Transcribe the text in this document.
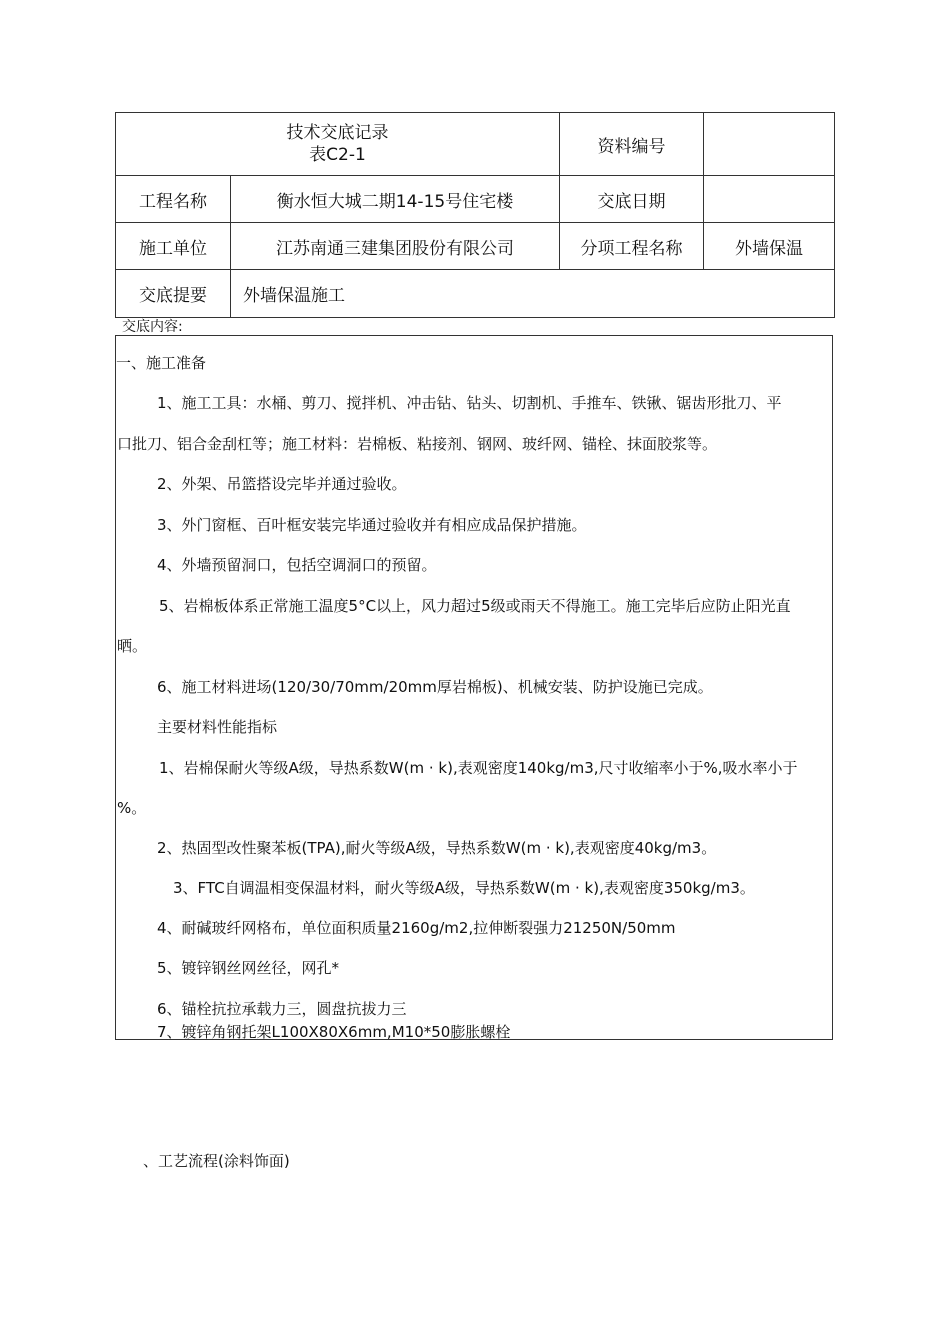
技术交底记录
表C2-1		资料编号	
工程名称	衡水恒大城二期14-15号住宅楼	交底日期	
施工单位	江苏南通三建集团股份有限公司	分项工程名称	外墙保温
交底提要	外墙保温施工		
交底内容:
一、施工准备
1、施工工具：水桶、剪刀、搅拌机、冲击钻、钻头、切割机、手推车、铁锹、锯齿形批刀、平
口批刀、铝合金刮杠等；施工材料：岩棉板、粘接剂、钢网、玻纤网、锚栓、抹面胶浆等。
2、外架、吊篮搭设完毕并通过验收。
3、外门窗框、百叶框安装完毕通过验收并有相应成品保护措施。
4、外墙预留洞口，包括空调洞口的预留。
5、岩棉板体系正常施工温度5°C以上，风力超过5级或雨天不得施工。施工完毕后应防止阳光直
晒。
6、施工材料进场(120/30/70mm/20mm厚岩棉板)、机械安装、防护设施已完成。
主要材料性能指标
1、岩棉保耐火等级A级，导热系数W(m · k),表观密度140kg/m3,尺寸收缩率小于%,吸水率小于
%。
2、热固型改性聚苯板(TPA),耐火等级A级，导热系数W(m · k),表观密度40kg/m3。
3、FTC自调温相变保温材料，耐火等级A级，导热系数W(m · k),表观密度350kg/m3。
4、耐碱玻纤网格布，单位面积质量2160g/m2,拉伸断裂强力21250N/50mm
5、镀锌钢丝网丝径，网孔*
6、锚栓抗拉承载力三，圆盘抗拔力三
7、镀锌角钢托架L100X80X6mm,M10*50膨胀螺栓
、工艺流程(涂料饰面)
